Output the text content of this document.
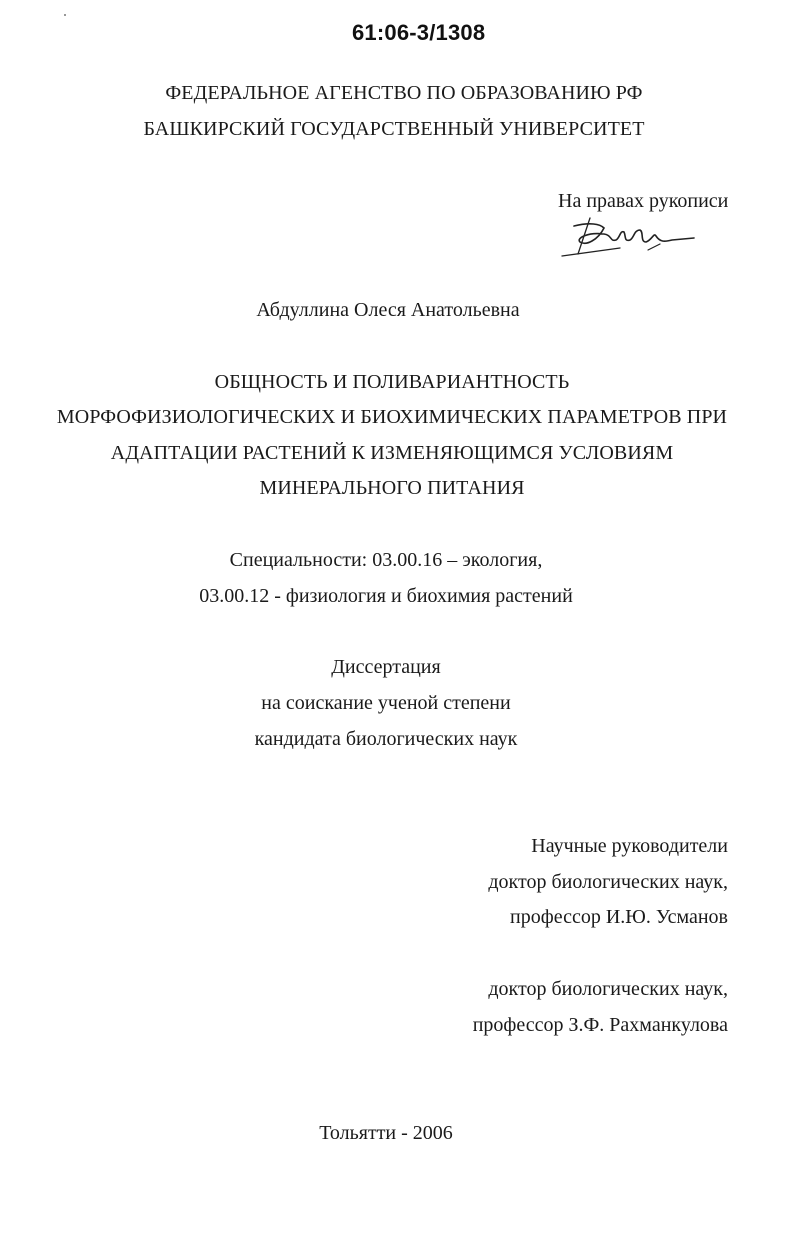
61:06-3/1308
ФЕДЕРАЛЬНОЕ АГЕНСТВО ПО ОБРАЗОВАНИЮ РФ
БАШКИРСКИЙ ГОСУДАРСТВЕННЫЙ УНИВЕРСИТЕТ
На правах рукописи
Абдуллина Олеся Анатольевна
ОБЩНОСТЬ И ПОЛИВАРИАНТНОСТЬ
МОРФОФИЗИОЛОГИЧЕСКИХ И БИОХИМИЧЕСКИХ ПАРАМЕТРОВ ПРИ
АДАПТАЦИИ РАСТЕНИЙ К ИЗМЕНЯЮЩИМСЯ УСЛОВИЯМ
МИНЕРАЛЬНОГО ПИТАНИЯ
Специальности: 03.00.16 – экология,
03.00.12 - физиология и биохимия растений
Диссертация
на соискание ученой степени
кандидата биологических наук
Научные руководители
доктор биологических наук,
профессор И.Ю. Усманов
доктор биологических наук,
профессор З.Ф. Рахманкулова
Тольятти - 2006
